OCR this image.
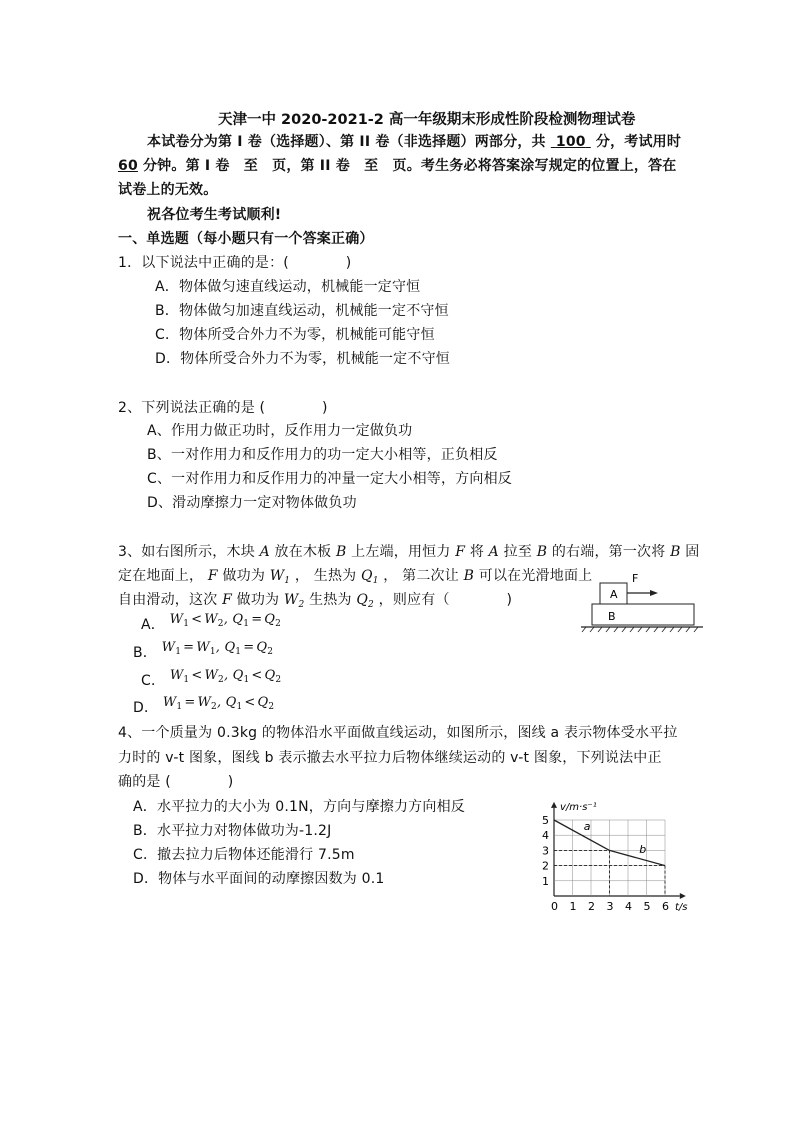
天津一中 2020-2021-2 高一年级期末形成性阶段检测物理试卷
本试卷分为第 I 卷（选择题）、第 II 卷（非选择题）两部分，共 100 分，考试用时
60 分钟。第 I 卷　至　页，第 II 卷　至　页。考生务必将答案涂写规定的位置上，答在
试卷上的无效。
祝各位考生考试顺利!
一、单选题（每小题只有一个答案正确）
1．以下说法中正确的是：(　　　　)
A．物体做匀速直线运动，机械能一定守恒
B．物体做匀加速直线运动，机械能一定不守恒
C．物体所受合外力不为零，机械能可能守恒
D．物体所受合外力不为零，机械能一定不守恒
2、下列说法正确的是 (　　　　)
A、作用力做正功时，反作用力一定做负功
B、一对作用力和反作用力的功一定大小相等，正负相反
C、一对作用力和反作用力的冲量一定大小相等，方向相反
D、滑动摩擦力一定对物体做负功
3、如右图所示，木块 A 放在木板 B 上左端，用恒力 F 将 A 拉至 B 的右端，第一次将 B 固
定在地面上， F 做功为 $W_1$ ， 生热为 $Q_1$ ， 第二次让 B 可以在光滑地面上
自由滑动，这次 F 做功为 $W_2$ 生热为 $Q_2$ ，则应有（　　　　)
A． $W_1 < W_2$, $Q_1 = Q_2$
B． $W_1 = W_1$, $Q_1 = Q_2$
C． $W_1 < W_2$, $Q_1 < Q_2$
D． $W_1 = W_2$, $Q_1 < Q_2$
A
F
B
4、一个质量为 0.3kg 的物体沿水平面做直线运动，如图所示，图线 a 表示物体受水平拉
力时的 v-t 图象，图线 b 表示撤去水平拉力后物体继续运动的 v-t 图象，下列说法中正
确的是 (　　　　)
A．水平拉力的大小为 0.1N，方向与摩擦力方向相反
B．水平拉力对物体做功为-1.2J
C．撤去拉力后物体还能滑行 7.5m
D．物体与水平面间的动摩擦因数为 0.1	1
2
3
4
5
0 1 2 3 4 5 6
a
b
v/m·s⁻¹
t/s
